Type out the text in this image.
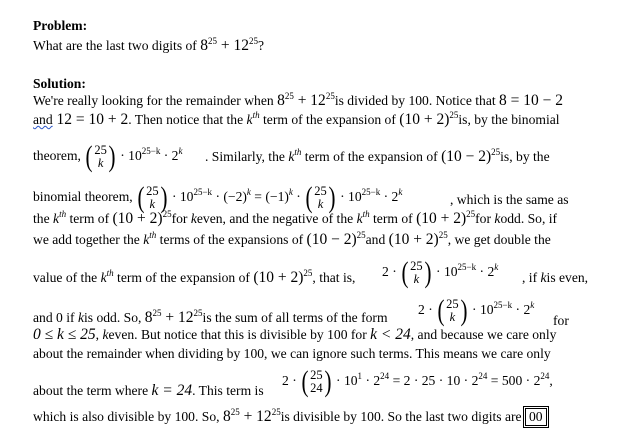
Problem:
What are the last two digits of $8^{25} + 12^{25}$?
Solution:
We're really looking for the remainder when $8^{25} + 12^{25}is$ divided by 100. Notice that 8 = 10 − 2
and 12 = 10 + 2. Then notice that the $k^{th}$ term of the expansion of $(10 + 2)^{25}is$, by the binomial
theorem, ( 25
k ) · $10^{25-k} \cdot 2^k$ . Similarly, the $k^{th}$ term of the expansion of $(10 - 2)^{25}is$, by the
binomial theorem, ( 25
k ) · $10^{25-k} \cdot (-2)^k = (-1)^k$ · ( 25
k ) · $10^{25-k} \cdot 2^k$	, which is the same as
the $k^{th}$ term of $(10 + 2)^{25}for$ keven, and the negative of the $k^{th}$ term of $(10 + 2)^{25}for$ kodd. So, if
we add together the $k^{th}$ terms of the expansions of $(10 - 2)^{25}and$ $(10 + 2)^{25}$, we get double the
value of the $k^{th}$ term of the expansion of $(10 + 2)^{25}$, that is, 2 · ( 25
k ) · $10^{25-k} \cdot 2^k$
, if kis even,
and 0 if kis odd. So, $8^{25} + 12^{25}is$ the sum of all terms of the form
2 · ( 25
k ) · $10^{25-k} \cdot 2^k$
for
0 ≤ k ≤ 25, keven. But notice that this is divisible by 100 for k < 24, and because we care only
about the remainder when dividing by 100, we can ignore such terms. This means we care only
about the term where k = 24. This term is
2 · ( 25
24 ) · $10^1 \cdot 2^{24} = 2 \cdot 25 \cdot 10 \cdot 2^{24} = 500 \cdot 2^{24}$,
which is also divisible by 100. So, $8^{25} + 12^{25}is$ divisible by 100. So the last two digits are 00
